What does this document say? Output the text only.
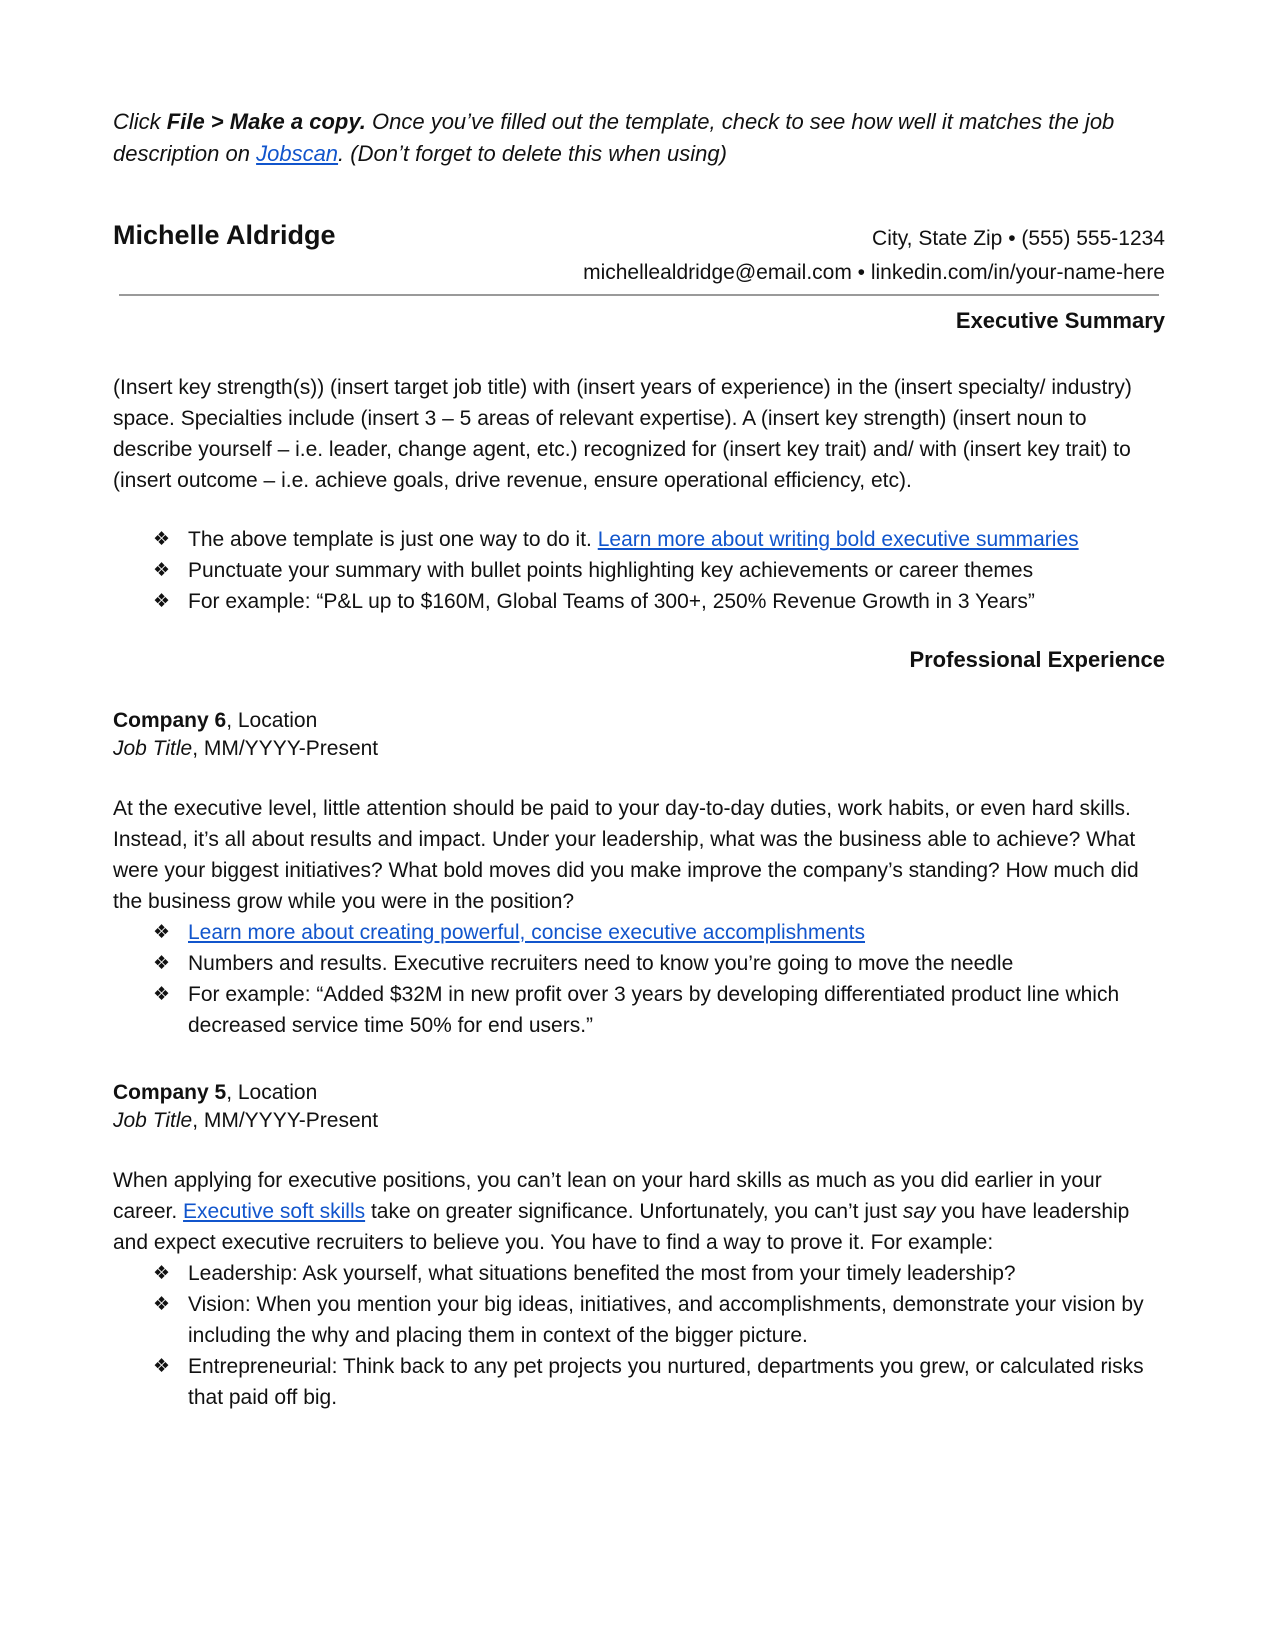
Click File > Make a copy. Once you’ve filled out the template, check to see how well it matches the job description on Jobscan. (Don’t forget to delete this when using)

Michelle Aldridge	City, State Zip • (555) 555-1234
michellealdridge@email.com • linkedin.com/in/your-name-here
Executive Summary

(Insert key strength(s)) (insert target job title) with (insert years of experience) in the (insert specialty/ industry) space. Specialties include (insert 3 – 5 areas of relevant expertise). A (insert key strength) (insert noun to describe yourself – i.e. leader, change agent, etc.) recognized for (insert key trait) and/ with (insert key trait) to (insert outcome – i.e. achieve goals, drive revenue, ensure operational efficiency, etc).

❖ The above template is just one way to do it. Learn more about writing bold executive summaries
❖ Punctuate your summary with bullet points highlighting key achievements or career themes
❖ For example: “P&L up to $160M, Global Teams of 300+, 250% Revenue Growth in 3 Years”
Professional Experience

Company 6, Location

Job Title, MM/YYYY-Present

At the executive level, little attention should be paid to your day-to-day duties, work habits, or even hard skills. Instead, it’s all about results and impact. Under your leadership, what was the business able to achieve? What were your biggest initiatives? What bold moves did you make improve the company’s standing? How much did the business grow while you were in the position?

❖ Learn more about creating powerful, concise executive accomplishments
❖ Numbers and results. Executive recruiters need to know you’re going to move the needle
❖ For example: “Added $32M in new profit over 3 years by developing differentiated product line which decreased service time 50% for end users.”

Company 5, Location

Job Title, MM/YYYY-Present

When applying for executive positions, you can’t lean on your hard skills as much as you did earlier in your career. Executive soft skills take on greater significance. Unfortunately, you can’t just say you have leadership and expect executive recruiters to believe you. You have to find a way to prove it. For example:

❖ Leadership: Ask yourself, what situations benefited the most from your timely leadership?
❖ Vision: When you mention your big ideas, initiatives, and accomplishments, demonstrate your vision by including the why and placing them in context of the bigger picture.
❖ Entrepreneurial: Think back to any pet projects you nurtured, departments you grew, or calculated risks that paid off big.
